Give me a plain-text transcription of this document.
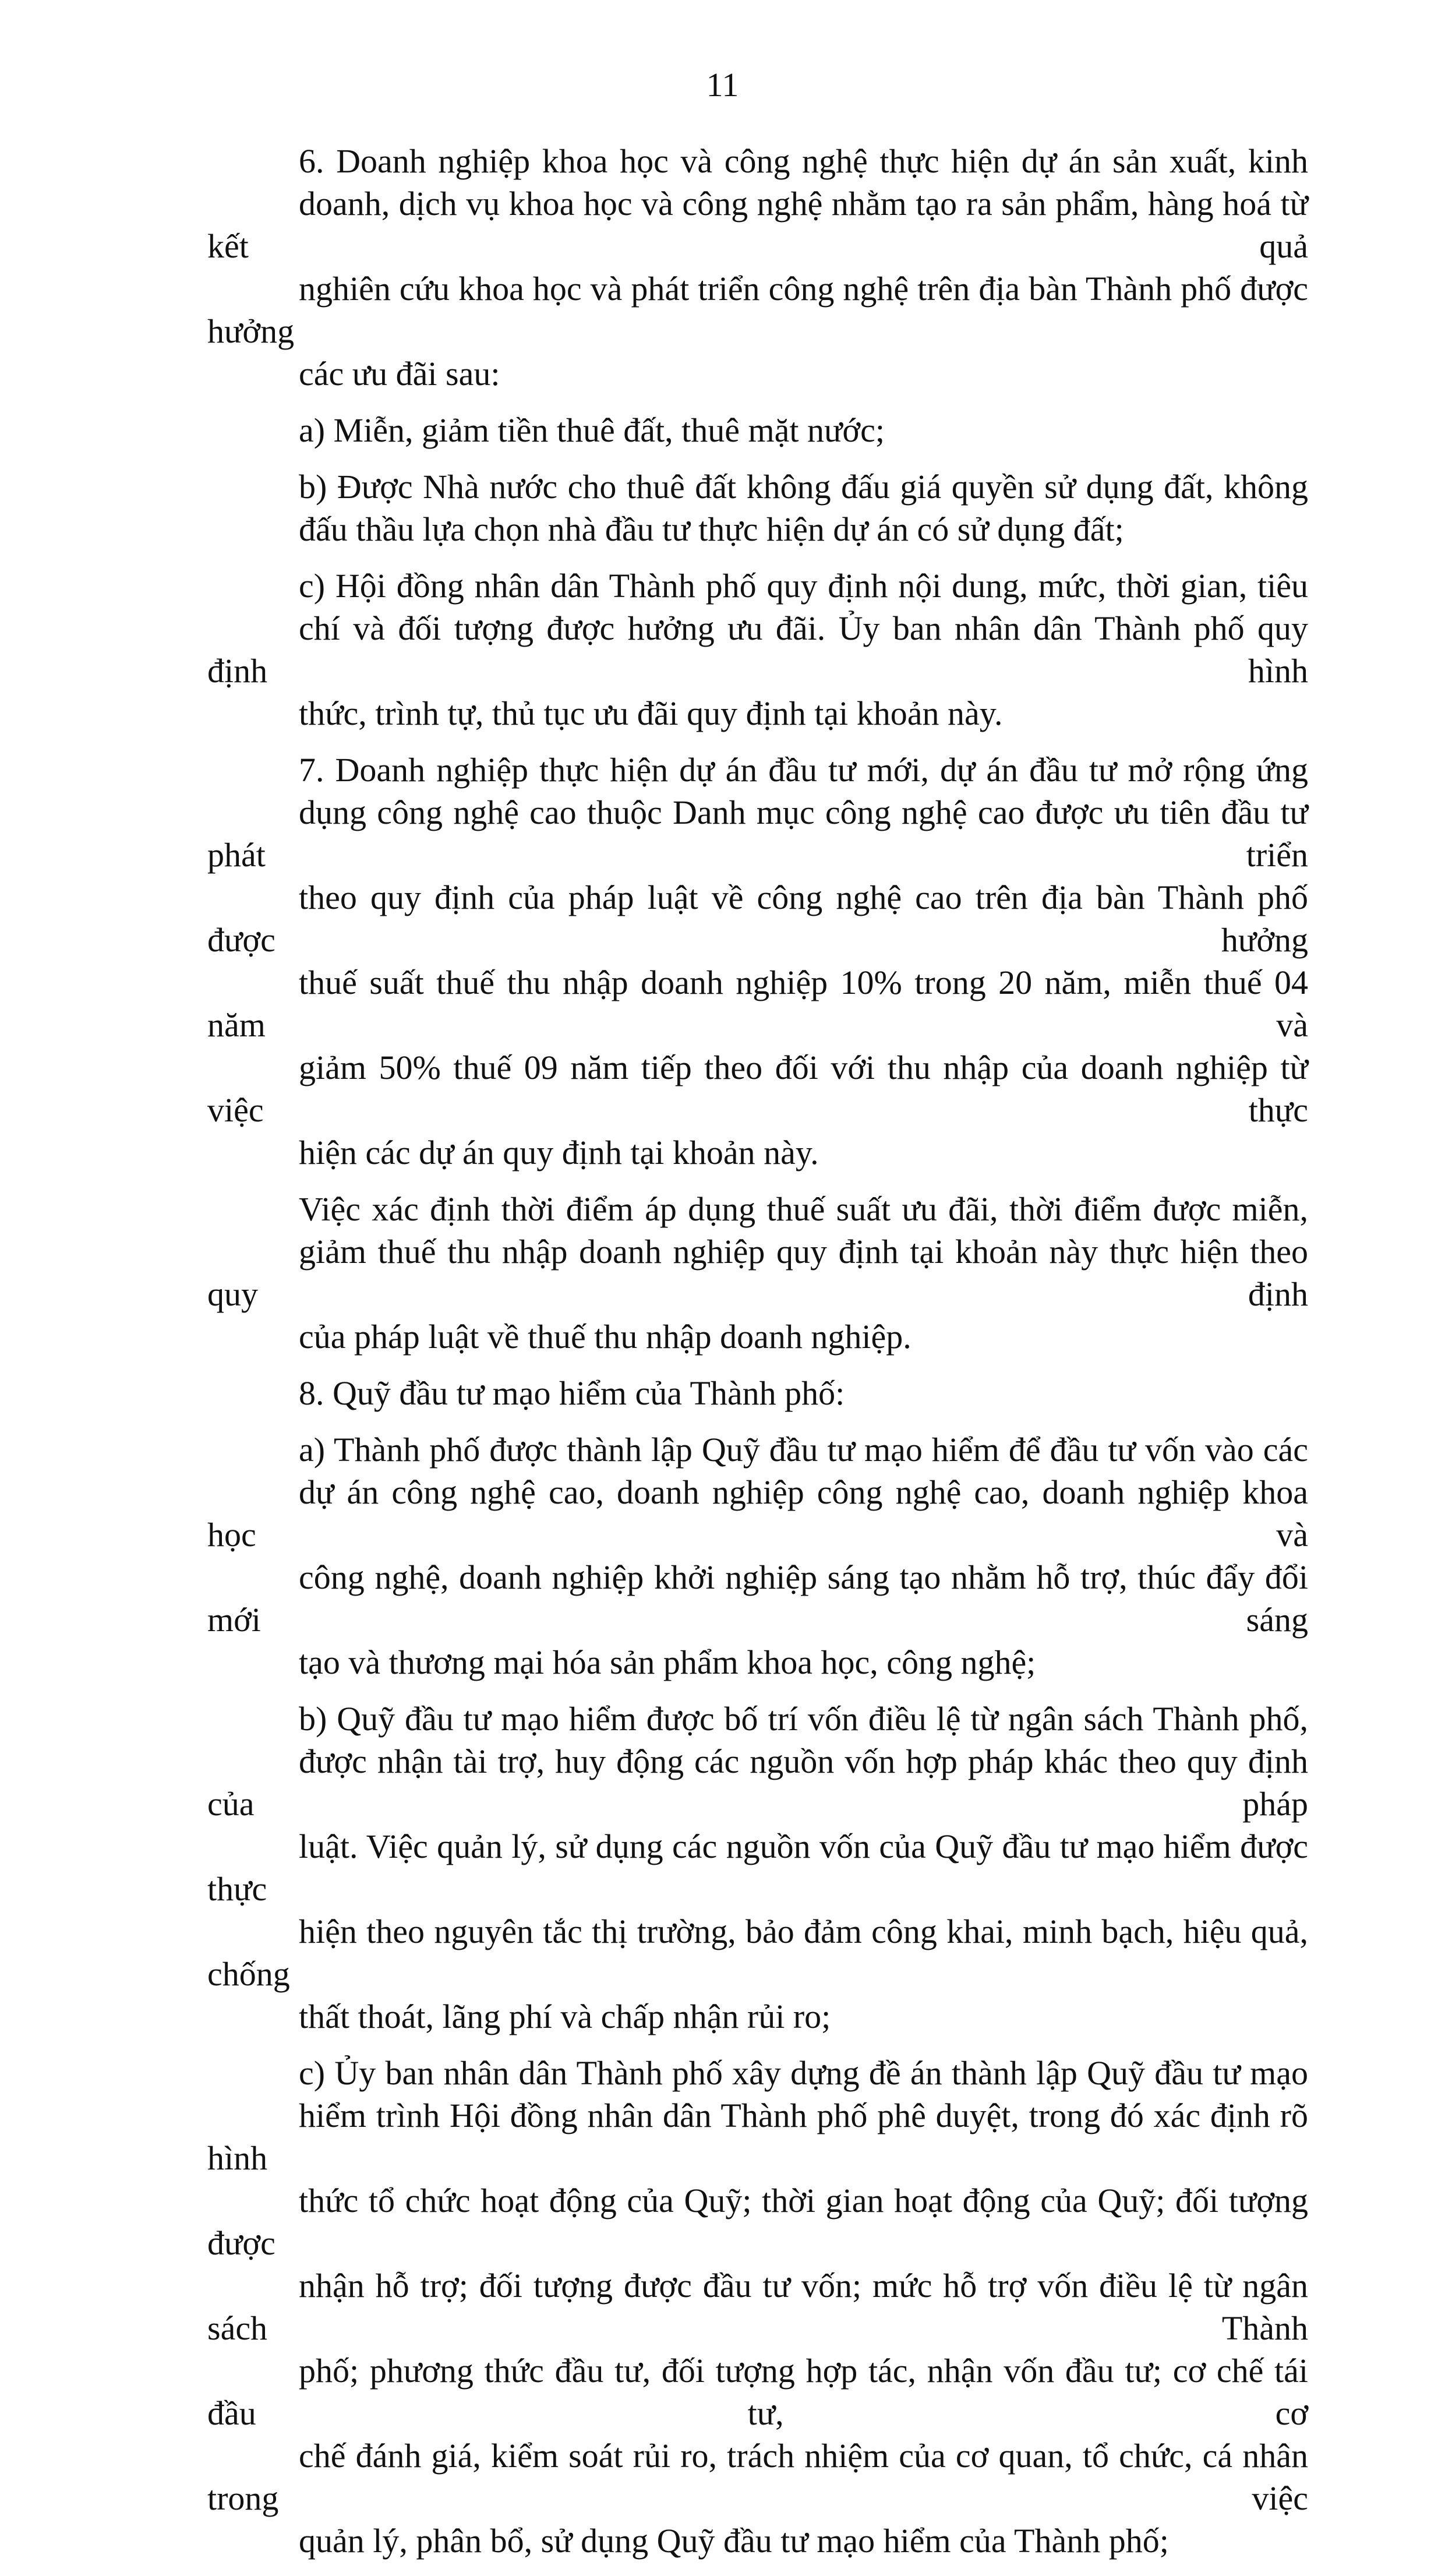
11
6. Doanh nghiệp khoa học và công nghệ thực hiện dự án sản xuất, kinh
doanh, dịch vụ khoa học và công nghệ nhằm tạo ra sản phẩm, hàng hoá từ kết quả
nghiên cứu khoa học và phát triển công nghệ trên địa bàn Thành phố được hưởng
các ưu đãi sau:
a) Miễn, giảm tiền thuê đất, thuê mặt nước;
b) Được Nhà nước cho thuê đất không đấu giá quyền sử dụng đất, không
đấu thầu lựa chọn nhà đầu tư thực hiện dự án có sử dụng đất;
c) Hội đồng nhân dân Thành phố quy định nội dung, mức, thời gian, tiêu
chí và đối tượng được hưởng ưu đãi. Ủy ban nhân dân Thành phố quy định hình
thức, trình tự, thủ tục ưu đãi quy định tại khoản này.
7. Doanh nghiệp thực hiện dự án đầu tư mới, dự án đầu tư mở rộng ứng
dụng công nghệ cao thuộc Danh mục công nghệ cao được ưu tiên đầu tư phát triển
theo quy định của pháp luật về công nghệ cao trên địa bàn Thành phố được hưởng
thuế suất thuế thu nhập doanh nghiệp 10% trong 20 năm, miễn thuế 04 năm và
giảm 50% thuế 09 năm tiếp theo đối với thu nhập của doanh nghiệp từ việc thực
hiện các dự án quy định tại khoản này.
Việc xác định thời điểm áp dụng thuế suất ưu đãi, thời điểm được miễn,
giảm thuế thu nhập doanh nghiệp quy định tại khoản này thực hiện theo quy định
của pháp luật về thuế thu nhập doanh nghiệp.
8. Quỹ đầu tư mạo hiểm của Thành phố:
a) Thành phố được thành lập Quỹ đầu tư mạo hiểm để đầu tư vốn vào các
dự án công nghệ cao, doanh nghiệp công nghệ cao, doanh nghiệp khoa học và
công nghệ, doanh nghiệp khởi nghiệp sáng tạo nhằm hỗ trợ, thúc đẩy đổi mới sáng
tạo và thương mại hóa sản phẩm khoa học, công nghệ;
b) Quỹ đầu tư mạo hiểm được bố trí vốn điều lệ từ ngân sách Thành phố,
được nhận tài trợ, huy động các nguồn vốn hợp pháp khác theo quy định của pháp
luật. Việc quản lý, sử dụng các nguồn vốn của Quỹ đầu tư mạo hiểm được thực
hiện theo nguyên tắc thị trường, bảo đảm công khai, minh bạch, hiệu quả, chống
thất thoát, lãng phí và chấp nhận rủi ro;
c) Ủy ban nhân dân Thành phố xây dựng đề án thành lập Quỹ đầu tư mạo
hiểm trình Hội đồng nhân dân Thành phố phê duyệt, trong đó xác định rõ hình
thức tổ chức hoạt động của Quỹ; thời gian hoạt động của Quỹ; đối tượng được
nhận hỗ trợ; đối tượng được đầu tư vốn; mức hỗ trợ vốn điều lệ từ ngân sách Thành
phố; phương thức đầu tư, đối tượng hợp tác, nhận vốn đầu tư; cơ chế tái đầu tư, cơ
chế đánh giá, kiểm soát rủi ro, trách nhiệm của cơ quan, tổ chức, cá nhân trong việc
quản lý, phân bổ, sử dụng Quỹ đầu tư mạo hiểm của Thành phố;
